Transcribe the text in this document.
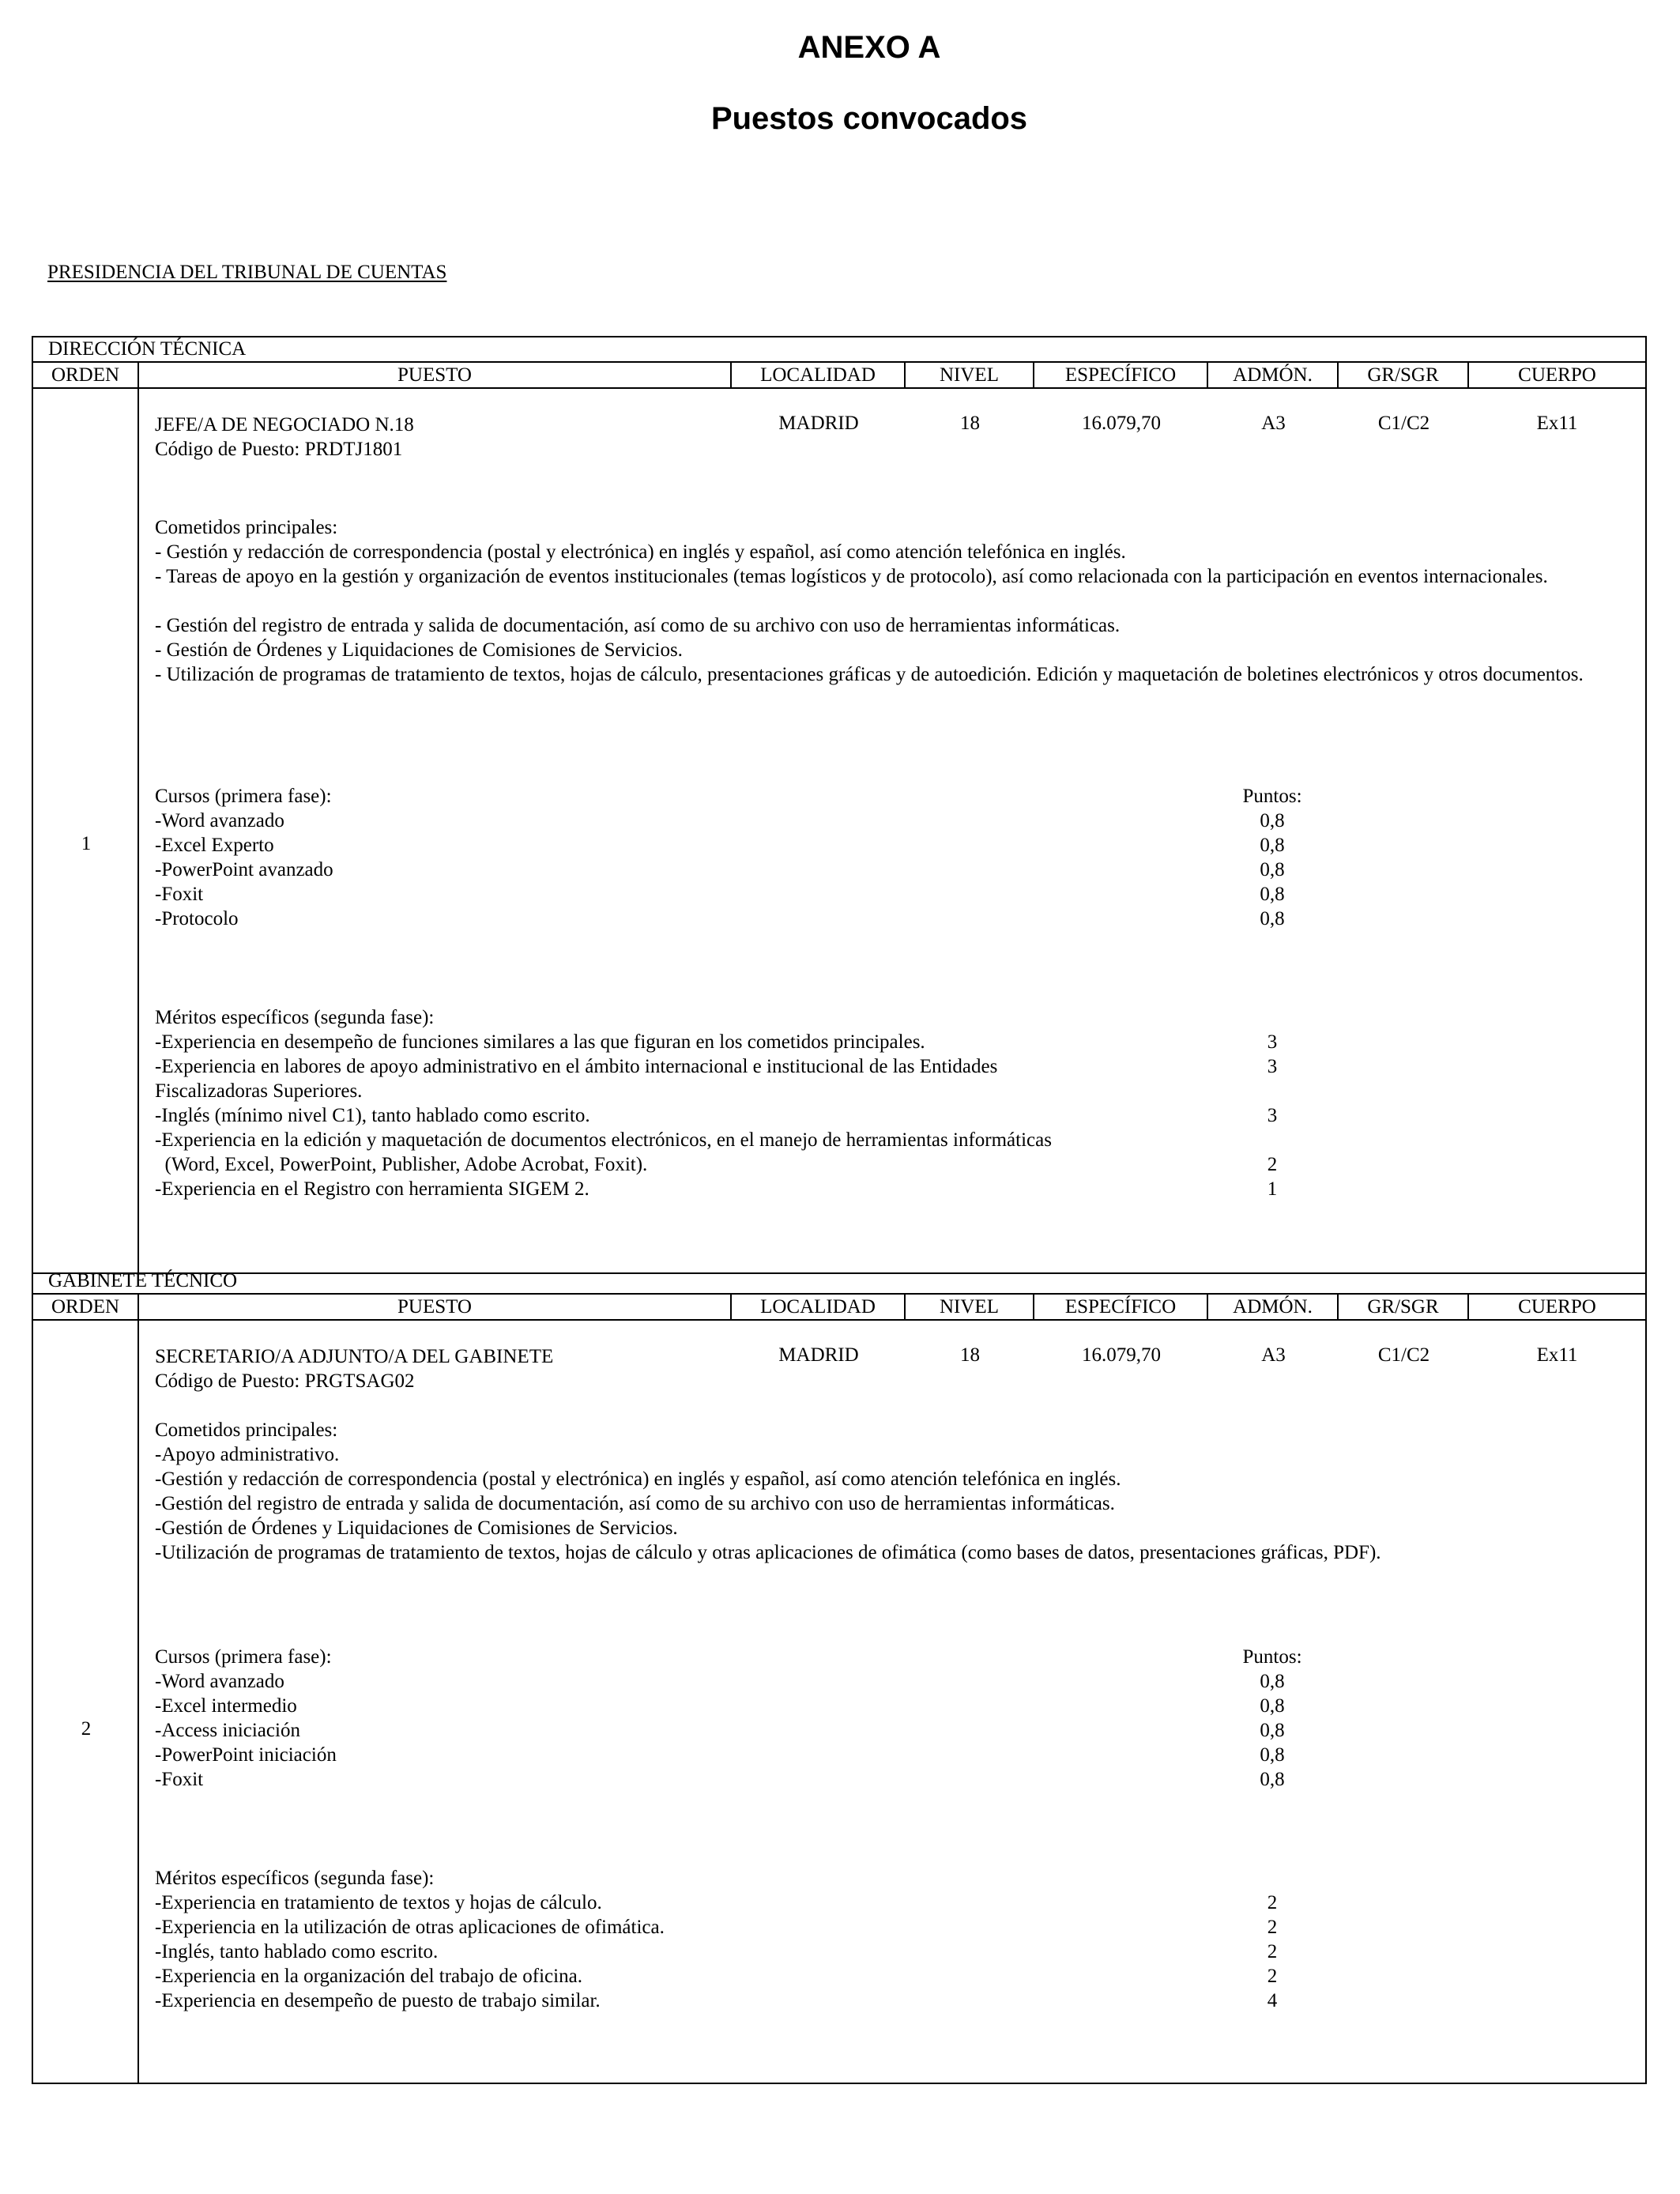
ANEXO A
Puestos convocados
PRESIDENCIA DEL TRIBUNAL DE CUENTAS
DIRECCIÓN TÉCNICA
ORDEN	PUESTO	LOCALIDAD	NIVEL	ESPECÍFICO	ADMÓN.	GR/SGR	CUERPO
1
JEFE/A DE NEGOCIADO N.18
Código de Puesto: PRDTJ1801
MADRID	18	16.079,70	A3	C1/C2	Ex11
Cometidos principales:
- Gestión y redacción de correspondencia (postal y electrónica) en inglés y español, así como atención telefónica en inglés.
- Tareas de apoyo en la gestión y organización de eventos institucionales (temas logísticos y de protocolo), así como relacionada con la participación en eventos internacionales.
- Gestión del registro de entrada y salida de documentación, así como de su archivo con uso de herramientas informáticas.
- Gestión de Órdenes y Liquidaciones de Comisiones de Servicios.
- Utilización de programas de tratamiento de textos, hojas de cálculo, presentaciones gráficas y de autoedición. Edición y maquetación de boletines electrónicos y otros documentos.
Cursos (primera fase):	Puntos:
-Word avanzado	0,8
-Excel Experto	0,8
-PowerPoint avanzado	0,8
-Foxit	0,8
-Protocolo	0,8
Méritos específicos (segunda fase):
-Experiencia en desempeño de funciones similares a las que figuran en los cometidos principales.	3
-Experiencia en labores de apoyo administrativo en el ámbito internacional e institucional de las Entidades	3
Fiscalizadoras Superiores.
-Inglés (mínimo nivel C1), tanto hablado como escrito.	3
-Experiencia en la edición y maquetación de documentos electrónicos, en el manejo de herramientas informáticas
(Word, Excel, PowerPoint, Publisher, Adobe Acrobat, Foxit).	2
-Experiencia en el Registro con herramienta SIGEM 2.	1
GABINETE TÉCNICO
ORDEN	PUESTO	LOCALIDAD	NIVEL	ESPECÍFICO	ADMÓN.	GR/SGR	CUERPO
2
SECRETARIO/A ADJUNTO/A DEL GABINETE
Código de Puesto: PRGTSAG02
MADRID	18	16.079,70	A3	C1/C2	Ex11
Cometidos principales:
-Apoyo administrativo.
-Gestión y redacción de correspondencia (postal y electrónica) en inglés y español, así como atención telefónica en inglés.
-Gestión del registro de entrada y salida de documentación, así como de su archivo con uso de herramientas informáticas.
-Gestión de Órdenes y Liquidaciones de Comisiones de Servicios.
-Utilización de programas de tratamiento de textos, hojas de cálculo y otras aplicaciones de ofimática (como bases de datos, presentaciones gráficas, PDF).
Cursos (primera fase):	Puntos:
-Word avanzado	0,8
-Excel intermedio	0,8
-Access iniciación	0,8
-PowerPoint iniciación	0,8
-Foxit	0,8
Méritos específicos (segunda fase):
-Experiencia en tratamiento de textos y hojas de cálculo.	2
-Experiencia en la utilización de otras aplicaciones de ofimática.	2
-Inglés, tanto hablado como escrito.	2
-Experiencia en la organización del trabajo de oficina.	2
-Experiencia en desempeño de puesto de trabajo similar.	4
